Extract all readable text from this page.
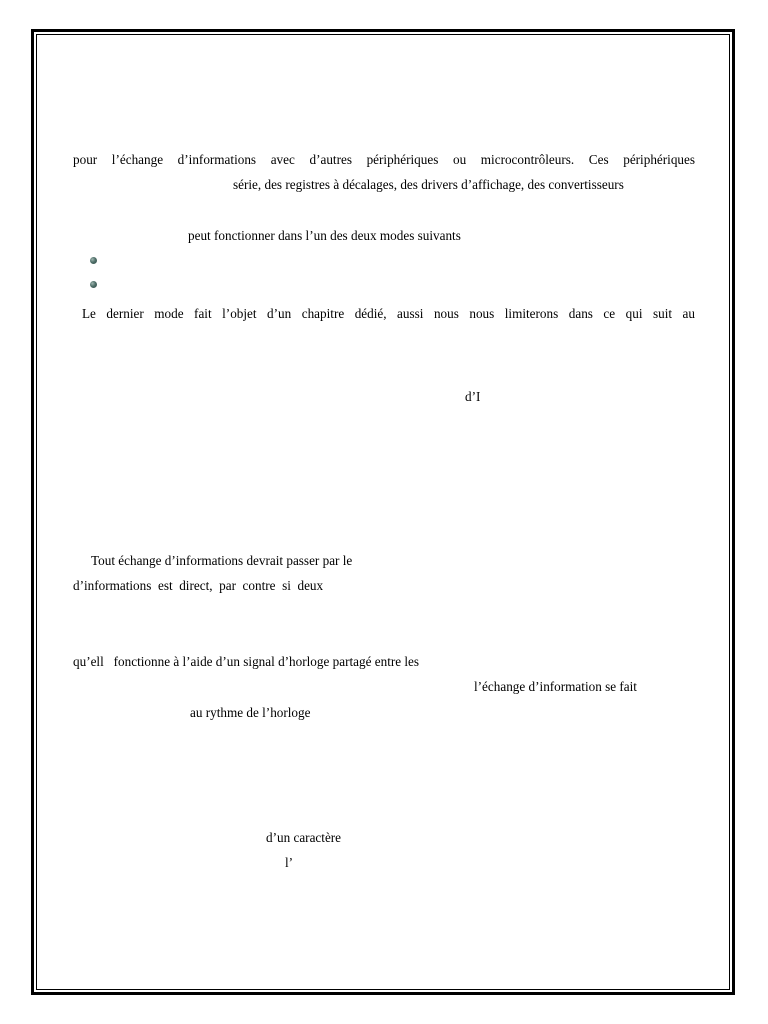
pour l’échange d’informations avec d’autres périphériques ou microcontrôleurs. Ces périphériques
série, des registres à décalages, des drivers d’affichage, des convertisseurs
peut fonctionner dans l’un des deux modes suivants
Le dernier mode fait l’objet d’un chapitre dédié, aussi nous nous limiterons dans ce qui suit au
d’I
Tout échange d’informations devrait passer par le
d’informations  est  direct,  par  contre  si  deux
qu’ell   fonctionne à l’aide d’un signal d’horloge partagé entre les
l’échange d’information se fait
au rythme de l’horloge
d’un caractère
l’
